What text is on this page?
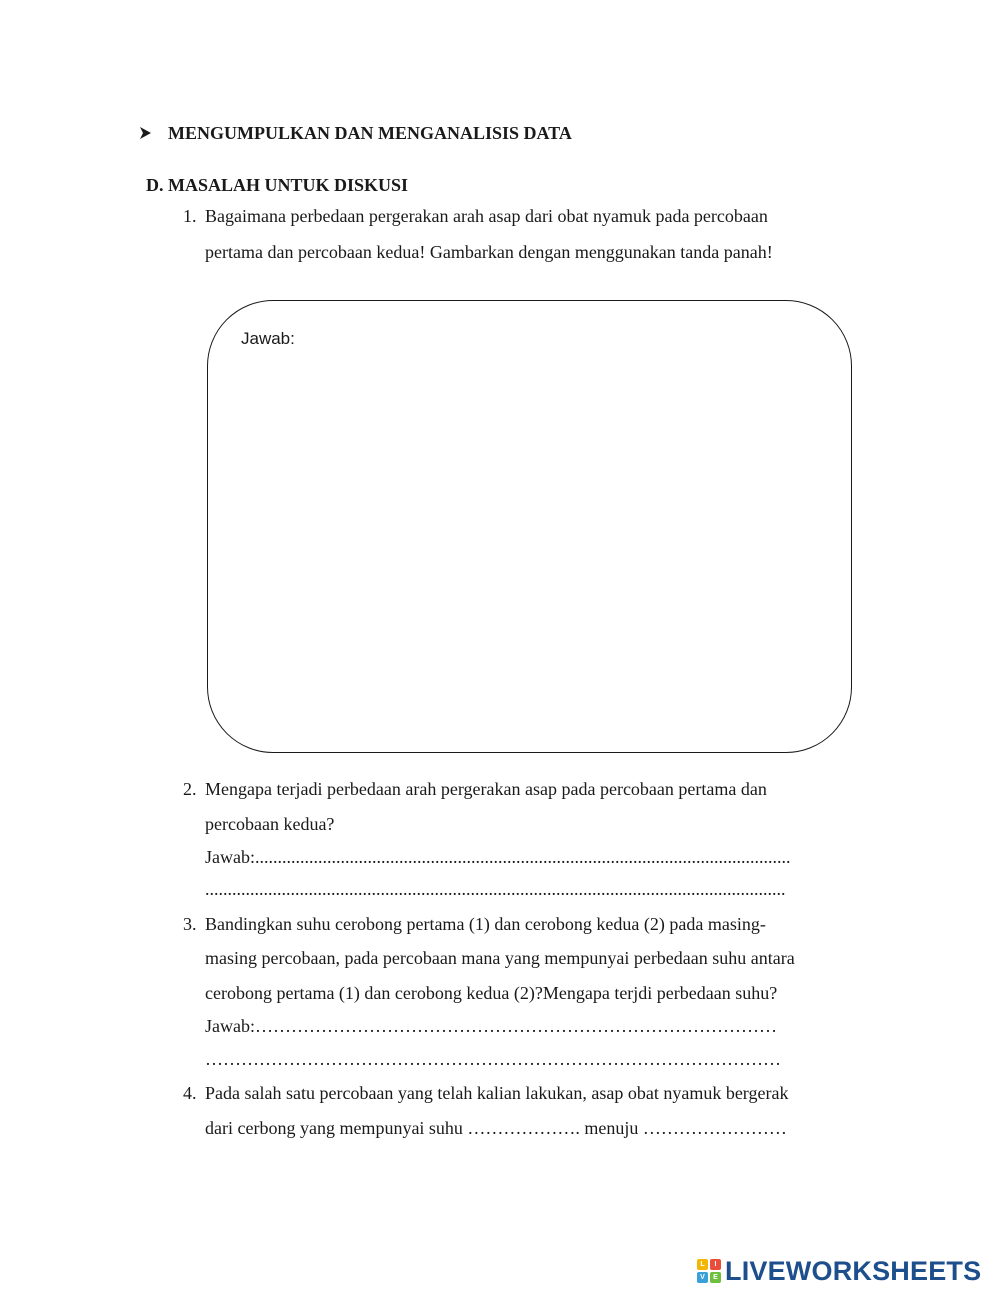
MENGUMPULKAN DAN MENGANALISIS DATA
D. MASALAH UNTUK DISKUSI
1. Bagaimana perbedaan pergerakan arah asap dari obat nyamuk pada percobaan
pertama dan percobaan kedua! Gambarkan dengan menggunakan tanda panah!
Jawab:
2. Mengapa terjadi perbedaan arah pergerakan asap pada percobaan pertama dan
percobaan kedua?
Jawab:.......................................................................................................................
.................................................................................................................................
3. Bandingkan suhu cerobong pertama (1) dan cerobong kedua (2) pada masing-
masing percobaan, pada percobaan mana yang mempunyai perbedaan suhu antara
cerobong pertama (1) dan cerobong kedua (2)?Mengapa terjdi perbedaan suhu?
Jawab:……………………………………………………………………………
……………………………………………………………………………………
4. Pada salah satu percobaan yang telah kalian lakukan, asap obat nyamuk bergerak
dari cerbong yang mempunyai suhu ………………. menuju ……………………
L	I
V	E LIVEWORKSHEETS
